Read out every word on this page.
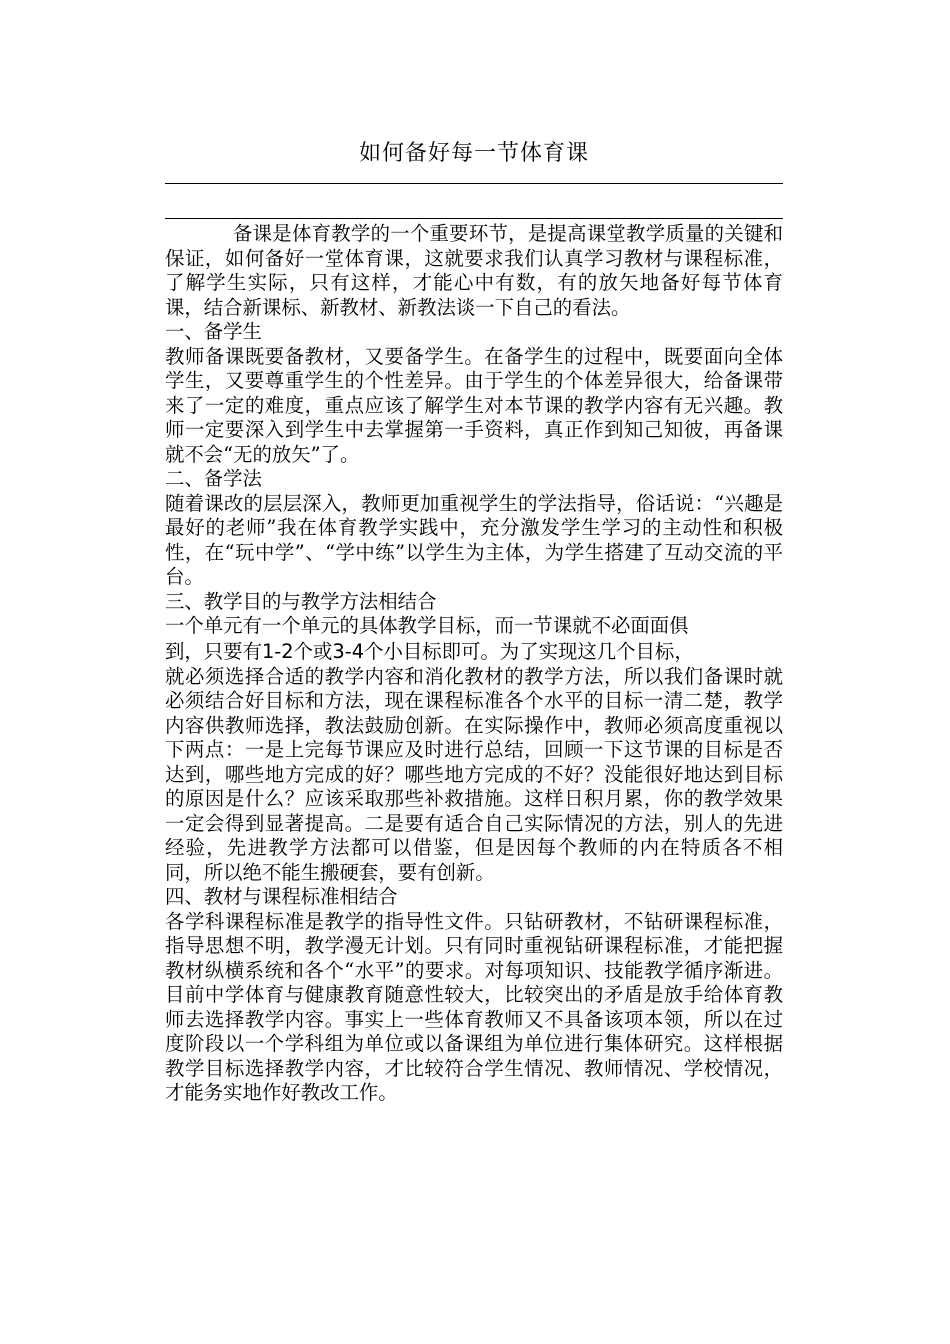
如何备好每一节体育课

备课是体育教学的一个重要环节，是提高课堂教学质量的关键和保证，如何备好一堂体育课，这就要求我们认真学习教材与课程标准，了解学生实际，只有这样，才能心中有数，有的放矢地备好每节体育课，结合新课标、新教材、新教法谈一下自己的看法。

一、备学生

教师备课既要备教材，又要备学生。在备学生的过程中，既要面向全体学生，又要尊重学生的个性差异。由于学生的个体差异很大，给备课带来了一定的难度，重点应该了解学生对本节课的教学内容有无兴趣。教师一定要深入到学生中去掌握第一手资料，真正作到知己知彼，再备课就不会“无的放矢”了。

二、备学法

随着课改的层层深入，教师更加重视学生的学法指导，俗话说：“兴趣是最好的老师”我在体育教学实践中，充分激发学生学习的主动性和积极性，在“玩中学”、“学中练”以学生为主体，为学生搭建了互动交流的平台。

三、教学目的与教学方法相结合

一个单元有一个单元的具体教学目标，而一节课就不必面面俱

到，只要有1-2个或3-4个小目标即可。为了实现这几个目标，

就必须选择合适的教学内容和消化教材的教学方法，所以我们备课时就必须结合好目标和方法，现在课程标准各个水平的目标一清二楚，教学内容供教师选择，教法鼓励创新。在实际操作中，教师必须高度重视以下两点：一是上完每节课应及时进行总结，回顾一下这节课的目标是否达到，哪些地方完成的好？哪些地方完成的不好？没能很好地达到目标的原因是什么？应该采取那些补救措施。这样日积月累，你的教学效果一定会得到显著提高。二是要有适合自己实际情况的方法，别人的先进经验，先进教学方法都可以借鉴，但是因每个教师的内在特质各不相同，所以绝不能生搬硬套，要有创新。

四、教材与课程标准相结合

各学科课程标准是教学的指导性文件。只钻研教材，不钻研课程标准，指导思想不明，教学漫无计划。只有同时重视钻研课程标准，才能把握教材纵横系统和各个“水平”的要求。对每项知识、技能教学循序渐进。目前中学体育与健康教育随意性较大，比较突出的矛盾是放手给体育教师去选择教学内容。事实上一些体育教师又不具备该项本领，所以在过度阶段以一个学科组为单位或以备课组为单位进行集体研究。这样根据教学目标选择教学内容，才比较符合学生情况、教师情况、学校情况，才能务实地作好教改工作。
